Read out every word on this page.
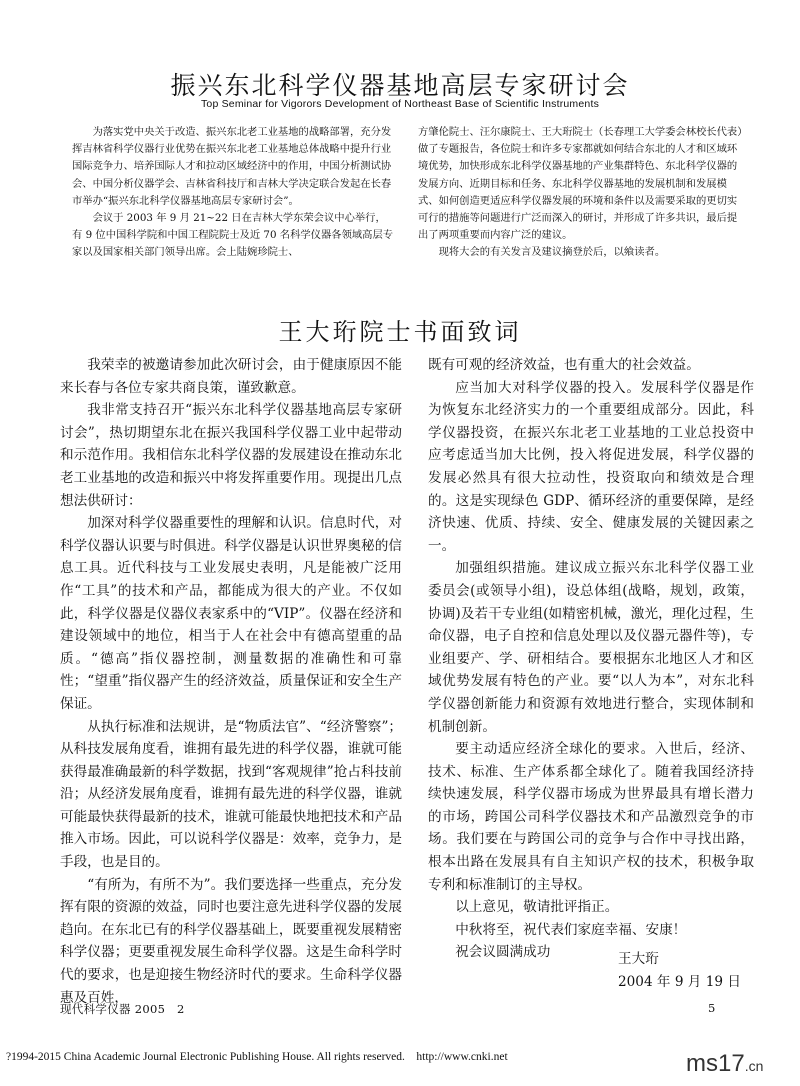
振兴东北科学仪器基地高层专家研讨会
Top Seminar for Vigorors Development of Northeast Base of Scientific Instruments

为落实党中央关于改造、振兴东北老工业基地的战略部署，充分发挥吉林省科学仪器行业优势在振兴东北老工业基地总体战略中提升行业国际竞争力、培养国际人才和拉动区域经济中的作用，中国分析测试协会、中国分析仪器学会、吉林省科技厅和吉林大学决定联合发起在长春市举办“振兴东北科学仪器基地高层专家研讨会”。

会议于 2003 年 9 月 21~22 日在吉林大学东荣会议中心举行，有 9 位中国科学院和中国工程院院士及近 70 名科学仪器各领域高层专家以及国家相关部门领导出席。会上陆婉珍院士、

方肇伦院士、汪尔康院士、王大珩院士（长春理工大学委会林校长代表）做了专题报告，各位院士和许多专家都就如何结合东北的人才和区域环境优势，加快形成东北科学仪器基地的产业集群特色、东北科学仪器的发展方向、近期目标和任务、东北科学仪器基地的发展机制和发展模式、如何创造更适应科学仪器发展的环境和条件以及需要采取的更切实可行的措施等问题进行广泛而深入的研讨，并形成了许多共识，最后提出了两项重要而内容广泛的建议。

现将大会的有关发言及建议摘登於后，以飨读者。

王大珩院士书面致词

我荣幸的被邀请参加此次研讨会，由于健康原因不能来长春与各位专家共商良策，谨致歉意。

我非常支持召开“振兴东北科学仪器基地高层专家研讨会”，热切期望东北在振兴我国科学仪器工业中起带动和示范作用。我相信东北科学仪器的发展建设在推动东北老工业基地的改造和振兴中将发挥重要作用。现提出几点想法供研讨：

加深对科学仪器重要性的理解和认识。信息时代，对科学仪器认识要与时俱进。科学仪器是认识世界奥秘的信息工具。近代科技与工业发展史表明，凡是能被广泛用作“工具”的技术和产品，都能成为很大的产业。不仅如此，科学仪器是仪器仪表家系中的“VIP”。仪器在经济和建设领域中的地位，相当于人在社会中有德高望重的品质。“德高”指仪器控制，测量数据的准确性和可靠性；“望重”指仪器产生的经济效益，质量保证和安全生产保证。

从执行标准和法规讲，是“物质法官”、“经济警察”；从科技发展角度看，谁拥有最先进的科学仪器，谁就可能获得最准确最新的科学数据，找到“客观规律”抢占科技前沿；从经济发展角度看，谁拥有最先进的科学仪器，谁就可能最快获得最新的技术，谁就可能最快地把技术和产品推入市场。因此，可以说科学仪器是：效率，竞争力，是手段，也是目的。

“有所为，有所不为”。我们要选择一些重点，充分发挥有限的资源的效益，同时也要注意先进科学仪器的发展趋向。在东北已有的科学仪器基础上，既要重视发展精密科学仪器；更要重视发展生命科学仪器。这是生命科学时代的要求，也是迎接生物经济时代的要求。生命科学仪器惠及百姓，

既有可观的经济效益，也有重大的社会效益。

应当加大对科学仪器的投入。发展科学仪器是作为恢复东北经济实力的一个重要组成部分。因此，科学仪器投资，在振兴东北老工业基地的工业总投资中应考虑适当加大比例，投入将促进发展，科学仪器的发展必然具有很大拉动性，投资取向和绩效是合理的。这是实现绿色 GDP、循环经济的重要保障，是经济快速、优质、持续、安全、健康发展的关键因素之一。

加强组织措施。建议成立振兴东北科学仪器工业委员会(或领导小组)，设总体组(战略，规划，政策，协调)及若干专业组(如精密机械，激光，理化过程，生命仪器，电子自控和信息处理以及仪器元器件等)，专业组要产、学、研相结合。要根据东北地区人才和区域优势发展有特色的产业。要“以人为本”，对东北科学仪器创新能力和资源有效地进行整合，实现体制和机制创新。

要主动适应经济全球化的要求。入世后，经济、技术、标准、生产体系都全球化了。随着我国经济持续快速发展，科学仪器市场成为世界最具有增长潜力的市场，跨国公司科学仪器技术和产品激烈竞争的市场。我们要在与跨国公司的竞争与合作中寻找出路，根本出路在发展具有自主知识产权的技术，积极争取专利和标准制订的主导权。

以上意见，敬请批评指正。

中秋将至，祝代表们家庭幸福、安康！

祝会议圆满成功	王大珩
2004 年 9 月 19 日
现代科学仪器 2005　2	5
?1994-2015 China Academic Journal Electronic Publishing House. All rights reserved.　http://www.cnki.net	ms17.cn
